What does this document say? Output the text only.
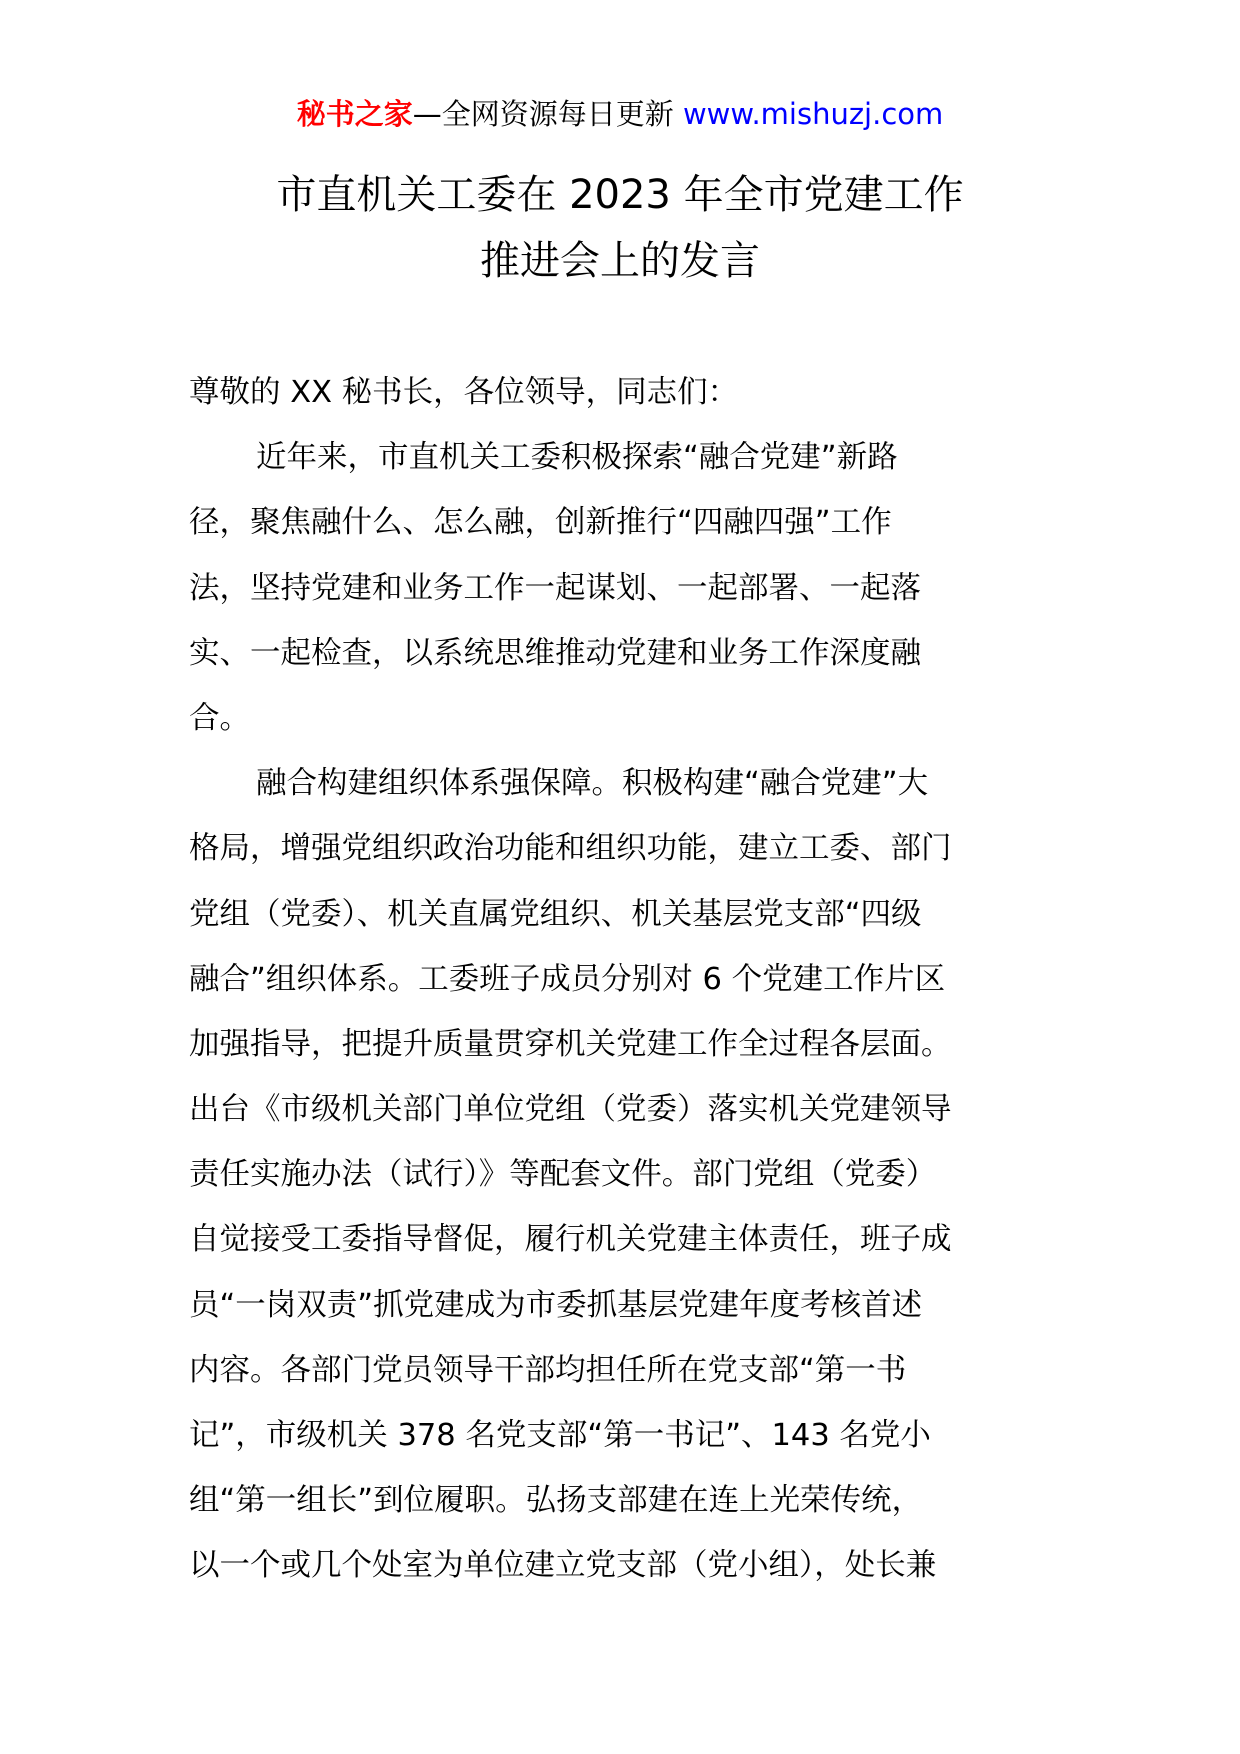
秘书之家—全网资源每日更新 www.mishuzj.com
市直机关工委在 2023 年全市党建工作
推进会上的发言
尊敬的 XX 秘书长，各位领导，同志们：
近年来，市直机关工委积极探索“融合党建”新路
径，聚焦融什么、怎么融，创新推行“四融四强”工作
法，坚持党建和业务工作一起谋划、一起部署、一起落
实、一起检查，以系统思维推动党建和业务工作深度融
合。
融合构建组织体系强保障。积极构建“融合党建”大
格局，增强党组织政治功能和组织功能，建立工委、部门
党组（党委）、机关直属党组织、机关基层党支部“四级
融合”组织体系。工委班子成员分别对 6 个党建工作片区
加强指导，把提升质量贯穿机关党建工作全过程各层面。
出台《市级机关部门单位党组（党委）落实机关党建领导
责任实施办法（试行）》等配套文件。部门党组（党委）
自觉接受工委指导督促，履行机关党建主体责任，班子成
员“一岗双责”抓党建成为市委抓基层党建年度考核首述
内容。各部门党员领导干部均担任所在党支部“第一书
记”，市级机关 378 名党支部“第一书记”、143 名党小
组“第一组长”到位履职。弘扬支部建在连上光荣传统，
以一个或几个处室为单位建立党支部（党小组），处长兼
